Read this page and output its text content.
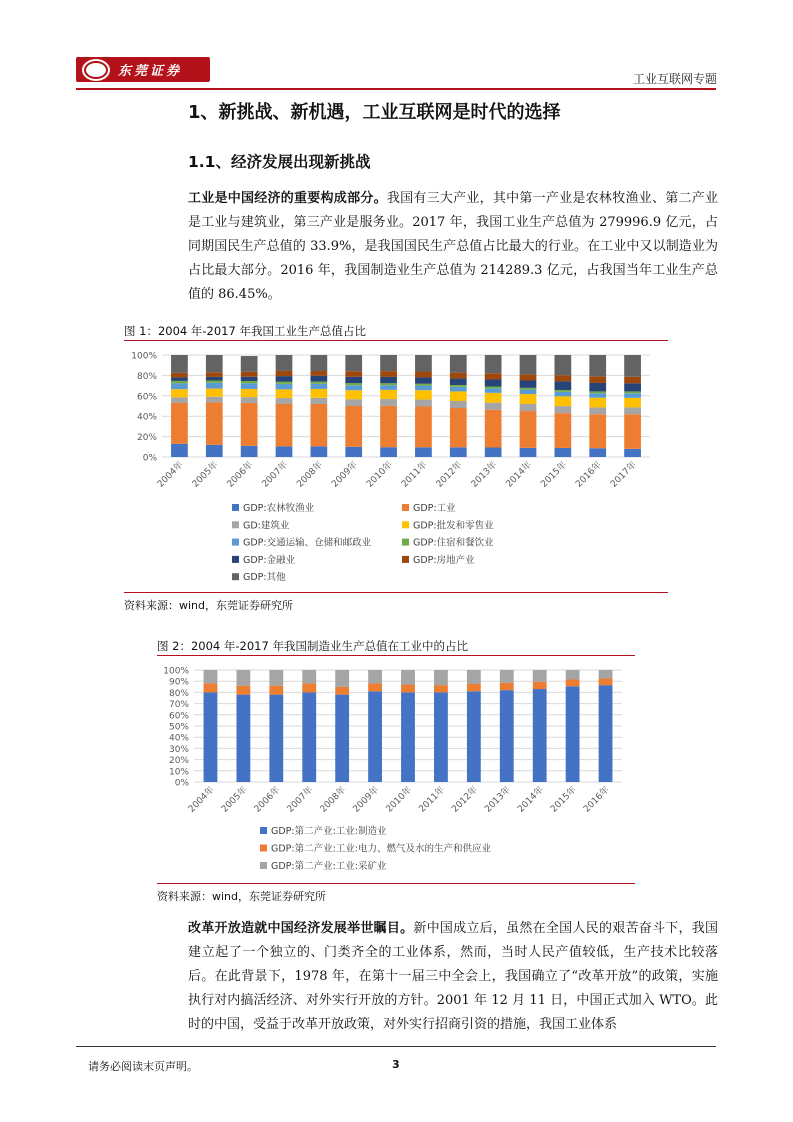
东莞证券	工业互联网专题
1、新挑战、新机遇，工业互联网是时代的选择
1.1、经济发展出现新挑战
工业是中国经济的重要构成部分。我国有三大产业，其中第一产业是农林牧渔业、第二产业是工业与建筑业，第三产业是服务业。2017 年，我国工业生产总值为 279996.9 亿元，占同期国民生产总值的 33.9%，是我国国民生产总值占比最大的行业。在工业中又以制造业为占比最大部分。2016 年，我国制造业生产总值为 214289.3 亿元，占我国当年工业生产总值的 86.45%。
图 1：2004 年-2017 年我国工业生产总值占比
0%
20%
40%
60%
80%
100%
2004年 2005年 2006年 2007年 2008年 2009年 2010年 2011年 2012年 2013年 2014年 2015年 2016年 2017年
GDP:农林牧渔业	GDP:工业
GD:建筑业	GDP:批发和零售业
GDP:交通运输、仓储和邮政业	GDP:住宿和餐饮业
GDP:金融业	GDP:房地产业
GDP:其他
资料来源：wind，东莞证券研究所
图 2：2004 年-2017 年我国制造业生产总值在工业中的占比
0%
10%
20%
30%
40%
50%
60%
70%
80%
90%
100%
2004年 2005年 2006年 2007年 2008年 2009年 2010年 2011年 2012年 2013年 2014年 2015年 2016年
GDP:第二产业:工业:制造业
GDP:第二产业:工业:电力、燃气及水的生产和供应业
GDP:第二产业:工业:采矿业
资料来源：wind，东莞证券研究所
改革开放造就中国经济发展举世瞩目。新中国成立后，虽然在全国人民的艰苦奋斗下，我国建立起了一个独立的、门类齐全的工业体系，然而，当时人民产值较低，生产技术比较落后。在此背景下，1978 年，在第十一届三中全会上，我国确立了“改革开放”的政策，实施执行对内搞活经济、对外实行开放的方针。2001 年 12 月 11 日，中国正式加入 WTO。此时的中国，受益于改革开放政策，对外实行招商引资的措施，我国工业体系
请务必阅读末页声明。	3
